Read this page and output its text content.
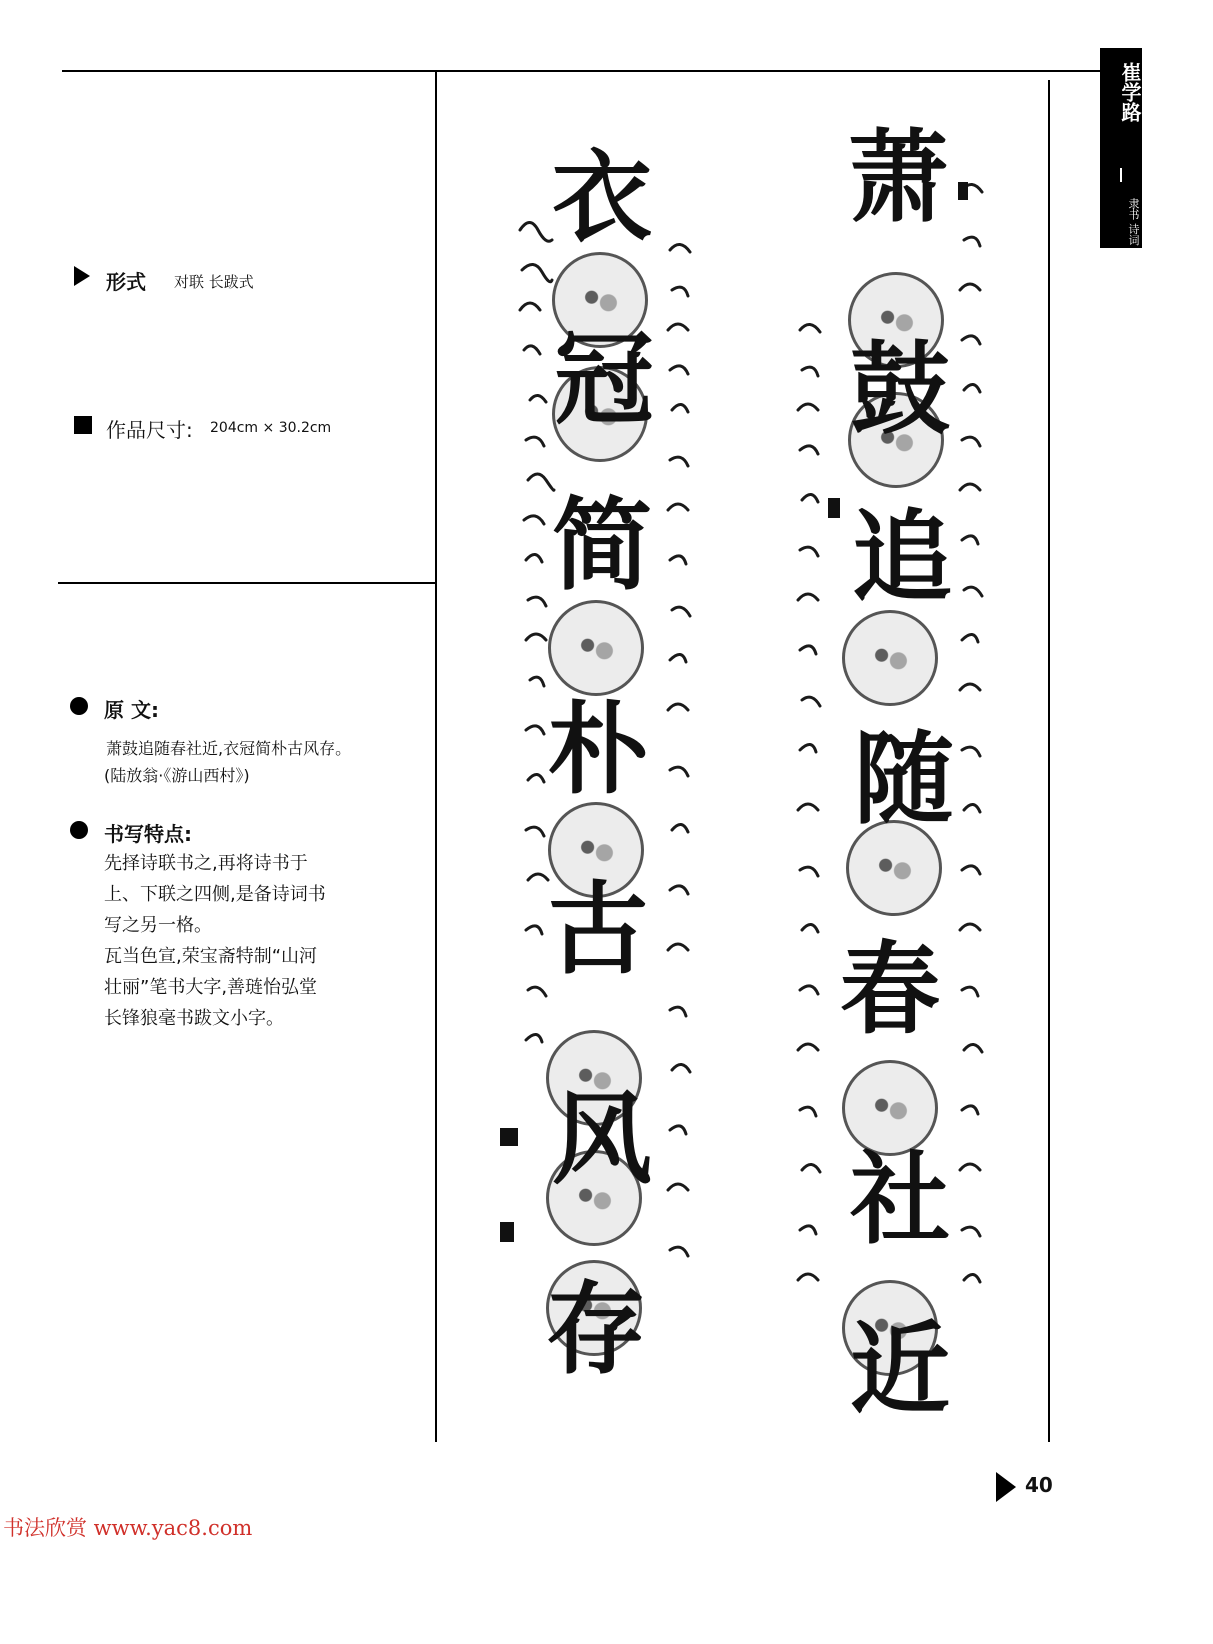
崔学路
隶书 诗词
形式 对联 长跋式
作品尺寸: 204cm × 30.2cm
原 文:
萧鼓追随春社近,衣冠简朴古风存。
(陆放翁·《游山西村》)
书写特点:
先择诗联书之,再将诗书于
上、下联之四侧,是备诗词书
写之另一格。
瓦当色宣,荣宝斋特制“山河
壮丽”笔书大字,善琏怡弘堂
长锋狼毫书跋文小字。
萧
鼓
追
随
春
社
近
衣
冠
简
朴
古
风
存
40
书法欣赏 www.yac8.com
